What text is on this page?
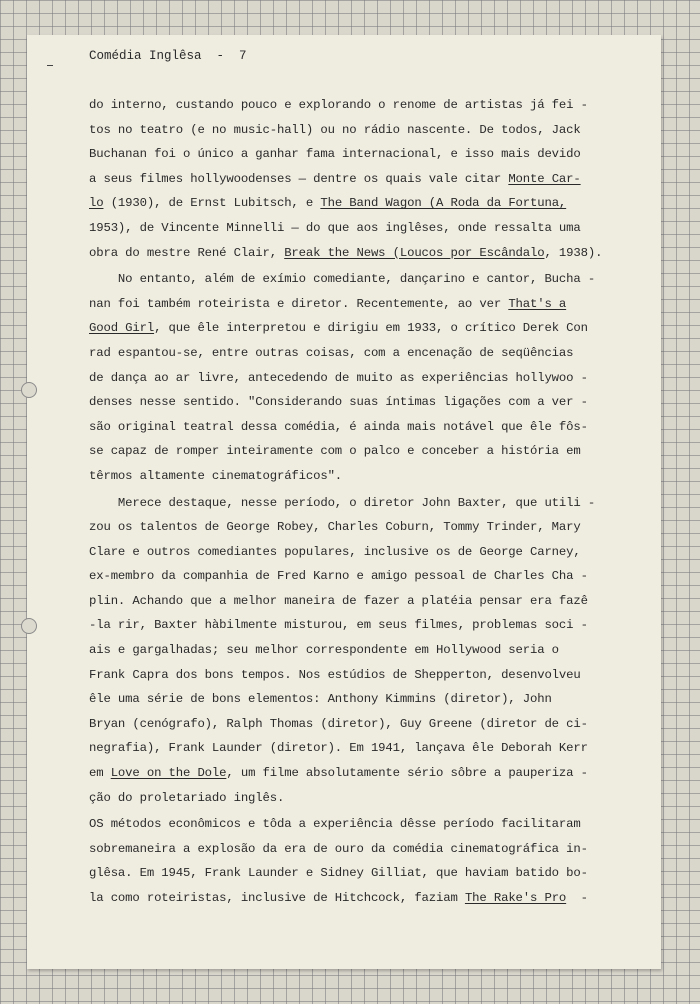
Comédia Inglêsa  -  7
do interno, custando pouco e explorando o renome de artistas já fei -
tos no teatro (e no music-hall) ou no rádio nascente. De todos, Jack
Buchanan foi o único a ganhar fama internacional, e isso mais devido
a seus filmes hollywoodenses — dentre os quais vale citar Monte Car-
lo (1930), de Ernst Lubitsch, e The Band Wagon (A Roda da Fortuna,
1953), de Vincente Minnelli — do que aos inglêses, onde ressalta uma
obra do mestre René Clair, Break the News (Loucos por Escândalo, 1938).
No entanto, além de exímio comediante, dançarino e cantor, Bucha -
nan foi também roteirista e diretor. Recentemente, ao ver That's a
Good Girl, que êle interpretou e dirigiu em 1933, o crítico Derek Con
rad espantou-se, entre outras coisas, com a encenação de seqüências
de dança ao ar livre, antecedendo de muito as experiências hollywoo -
denses nesse sentido. "Considerando suas íntimas ligações com a ver -
são original teatral dessa comédia, é ainda mais notável que êle fôs-
se capaz de romper inteiramente com o palco e conceber a história em
têrmos altamente cinematográficos".
Merece destaque, nesse período, o diretor John Baxter, que utili -
zou os talentos de George Robey, Charles Coburn, Tommy Trinder, Mary
Clare e outros comediantes populares, inclusive os de George Carney,
ex-membro da companhia de Fred Karno e amigo pessoal de Charles Cha -
plin. Achando que a melhor maneira de fazer a platéia pensar era fazê
-la rir, Baxter hàbilmente misturou, em seus filmes, problemas soci -
ais e gargalhadas; seu melhor correspondente em Hollywood seria o
Frank Capra dos bons tempos. Nos estúdios de Shepperton, desenvolveu
êle uma série de bons elementos: Anthony Kimmins (diretor), John
Bryan (cenógrafo), Ralph Thomas (diretor), Guy Greene (diretor de ci-
negrafia), Frank Launder (diretor). Em 1941, lançava êle Deborah Kerr
em Love on the Dole, um filme absolutamente sério sôbre a pauperiza -
ção do proletariado inglês.
OS métodos econômicos e tôda a experiência dêsse período facilitaram
sobremaneira a explosão da era de ouro da comédia cinematográfica in-
glêsa. Em 1945, Frank Launder e Sidney Gilliat, que haviam batido bo-
la como roteiristas, inclusive de Hitchcock, faziam The Rake's Pro  -
